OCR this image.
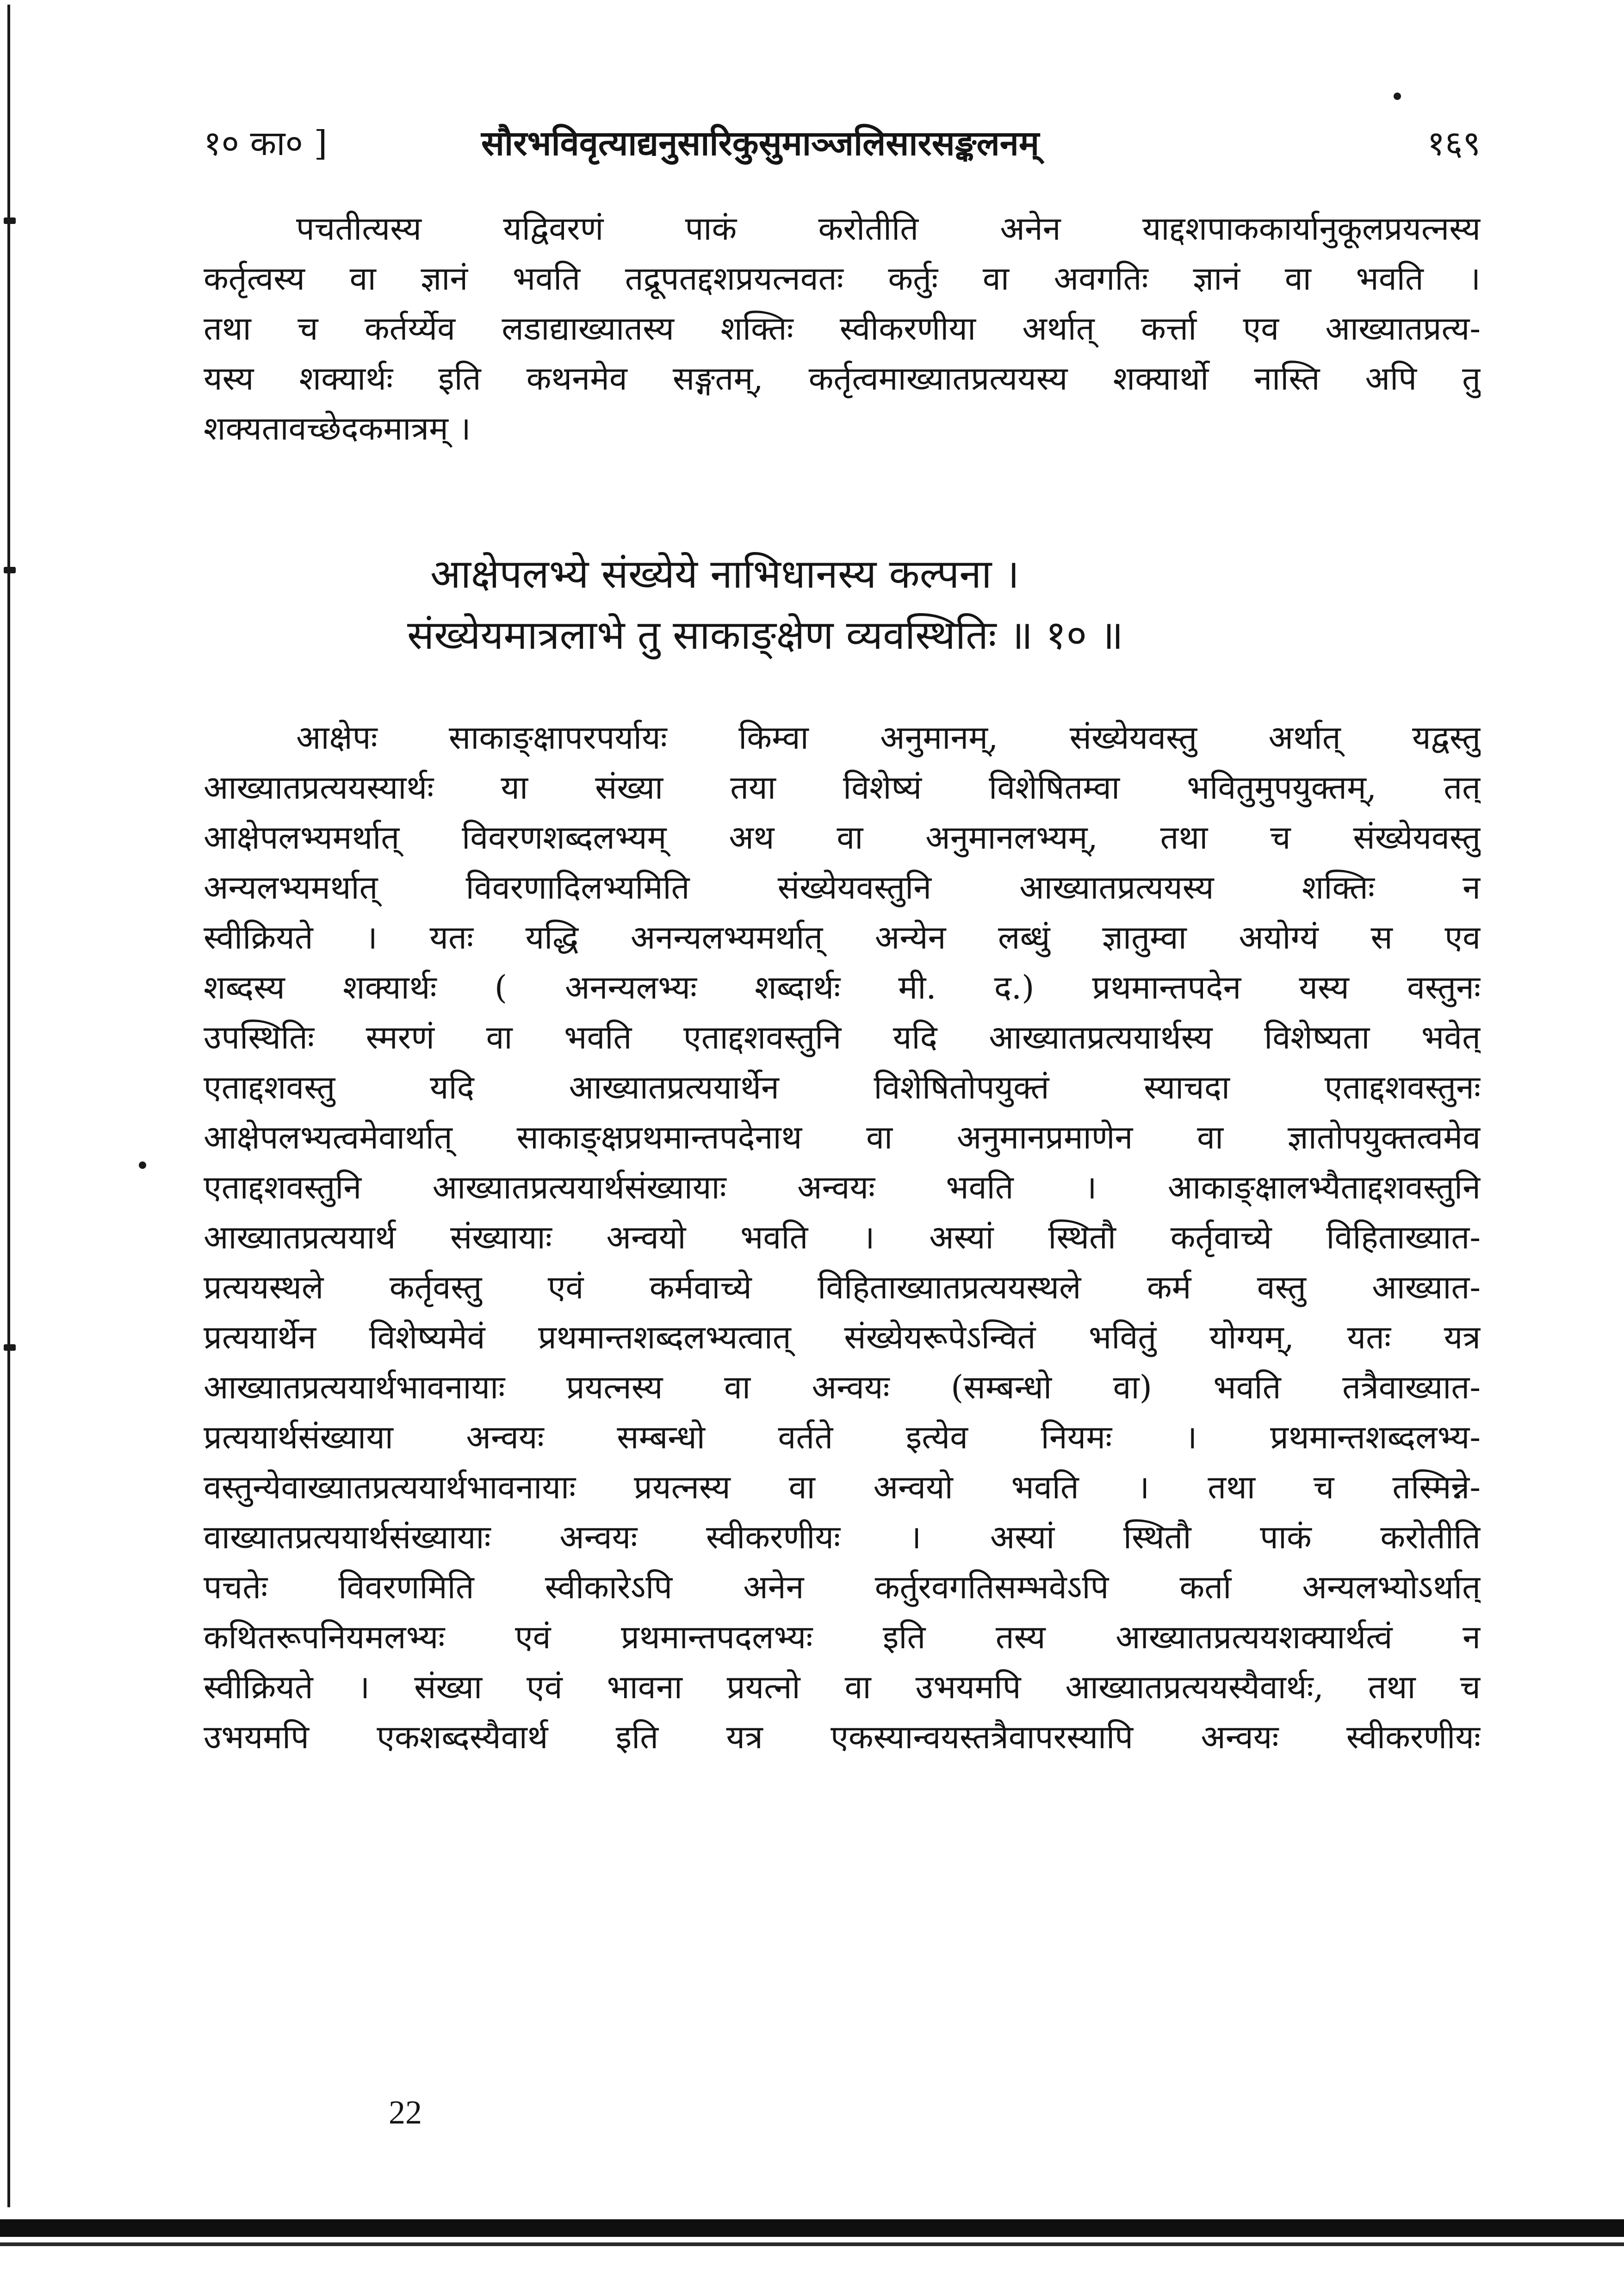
१० का० ]	सौरभविवृत्याद्यनुसारिकुसुमाञ्जलिसारसङ्कलनम्	१६९
पचतीत्यस्य यद्विवरणं पाकं करोतीति अनेन याद्दशपाककार्यानुकूलप्रयत्नस्य
कर्तृत्वस्य वा ज्ञानं भवति तद्रूपतद्दशप्रयत्नवतः कर्तुः वा अवगतिः ज्ञानं वा भवति ।
तथा च कर्तर्य्येव लडाद्याख्यातस्य शक्तिः स्वीकरणीया अर्थात् कर्त्ता एव आख्यातप्रत्य-
यस्य शक्यार्थः इति कथनमेव सङ्गतम्, कर्तृत्वमाख्यातप्रत्ययस्य शक्यार्थो नास्ति अपि तु
शक्यतावच्छेदकमात्रम् ।
आक्षेपलभ्ये संख्येये नाभिधानस्य कल्पना ।
संख्येयमात्रलाभे तु साकाङ्क्षेण व्यवस्थितिः ॥ १० ॥
आक्षेपः साकाङ्क्षापरपर्यायः किम्वा अनुमानम्, संख्येयवस्तु अर्थात् यद्वस्तु
आख्यातप्रत्ययस्यार्थः या संख्या तया विशेष्यं विशेषितम्वा भवितुमुपयुक्तम्, तत्
आक्षेपलभ्यमर्थात् विवरणशब्दलभ्यम् अथ वा अनुमानलभ्यम्, तथा च संख्येयवस्तु
अन्यलभ्यमर्थात् विवरणादिलभ्यमिति संख्येयवस्तुनि आख्यातप्रत्ययस्य शक्तिः न
स्वीक्रियते । यतः यद्धि अनन्यलभ्यमर्थात् अन्येन लब्धुं ज्ञातुम्वा अयोग्यं स एव
शब्दस्य शक्यार्थः ( अनन्यलभ्यः शब्दार्थः मी. द.) प्रथमान्तपदेन यस्य वस्तुनः
उपस्थितिः स्मरणं वा भवति एताद्दशवस्तुनि यदि आख्यातप्रत्ययार्थस्य विशेष्यता भवेत्
एताद्दशवस्तु यदि आख्यातप्रत्ययार्थेन विशेषितोपयुक्तं स्याचदा एताद्दशवस्तुनः
आक्षेपलभ्यत्वमेवार्थात् साकाङ्क्षप्रथमान्तपदेनाथ वा अनुमानप्रमाणेन वा ज्ञातोपयुक्तत्वमेव
एताद्दशवस्तुनि आख्यातप्रत्ययार्थसंख्यायाः अन्वयः भवति । आकाङ्क्षालभ्यैताद्दशवस्तुनि
आख्यातप्रत्ययार्थ संख्यायाः अन्वयो भवति । अस्यां स्थितौ कर्तृवाच्ये विहिताख्यात-
प्रत्ययस्थले कर्तृवस्तु एवं कर्मवाच्ये विहिताख्यातप्रत्ययस्थले कर्म वस्तु आख्यात-
प्रत्ययार्थेन विशेष्यमेवं प्रथमान्तशब्दलभ्यत्वात् संख्येयरूपेऽन्वितं भवितुं योग्यम्, यतः यत्र
आख्यातप्रत्ययार्थभावनायाः प्रयत्नस्य वा अन्वयः (सम्बन्धो वा) भवति तत्रैवाख्यात-
प्रत्ययार्थसंख्याया अन्वयः सम्बन्धो वर्तते इत्येव नियमः । प्रथमान्तशब्दलभ्य-
वस्तुन्येवाख्यातप्रत्ययार्थभावनायाः प्रयत्नस्य वा अन्वयो भवति । तथा च तस्मिन्ने-
वाख्यातप्रत्ययार्थसंख्यायाः अन्वयः स्वीकरणीयः । अस्यां स्थितौ पाकं करोतीति
पचतेः विवरणमिति स्वीकारेऽपि अनेन कर्तुरवगतिसम्भवेऽपि कर्ता अन्यलभ्योऽर्थात्
कथितरूपनियमलभ्यः एवं प्रथमान्तपदलभ्यः इति तस्य आख्यातप्रत्ययशक्यार्थत्वं न
स्वीक्रियते । संख्या एवं भावना प्रयत्नो वा उभयमपि आख्यातप्रत्ययस्यैवार्थः, तथा च
उभयमपि एकशब्दस्यैवार्थ इति यत्र एकस्यान्वयस्तत्रैवापरस्यापि अन्वयः स्वीकरणीयः
22
